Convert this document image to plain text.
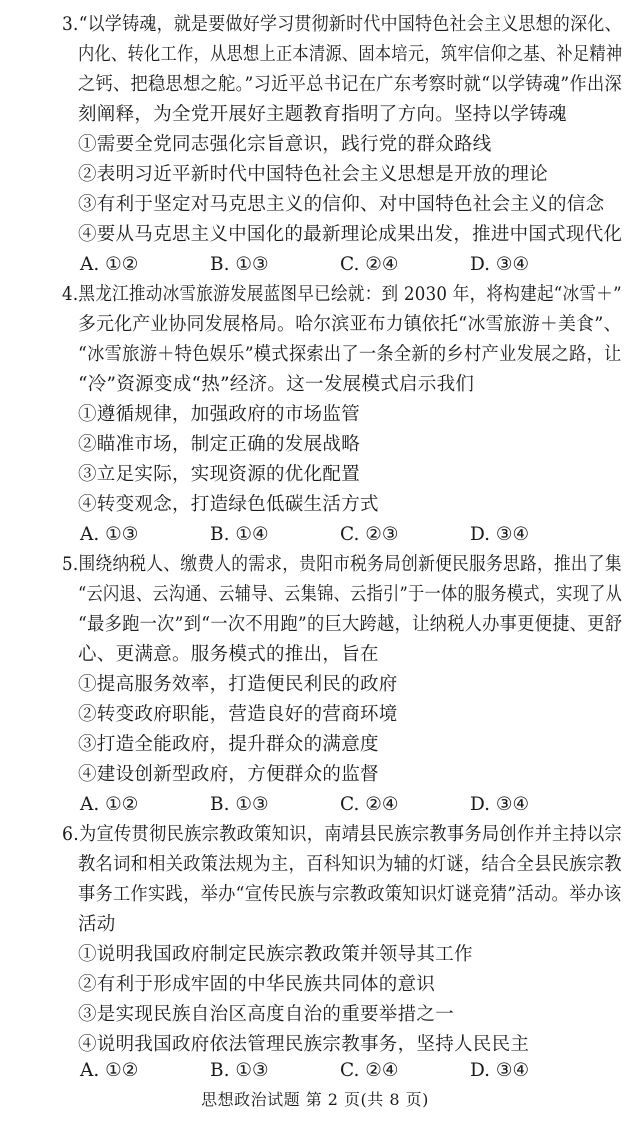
3.“以学铸魂，就是要做好学习贯彻新时代中国特色社会主义思想的深化、
内化、转化工作，从思想上正本清源、固本培元，筑牢信仰之基、补足精神
之钙、把稳思想之舵。”习近平总书记在广东考察时就“以学铸魂”作出深
刻阐释，为全党开展好主题教育指明了方向。坚持以学铸魂
①需要全党同志强化宗旨意识，践行党的群众路线
②表明习近平新时代中国特色社会主义思想是开放的理论
③有利于坚定对马克思主义的信仰、对中国特色社会主义的信念
④要从马克思主义中国化的最新理论成果出发，推进中国式现代化
A. ①②	B. ①③	C. ②④	D. ③④
4.黑龙江推动冰雪旅游发展蓝图早已绘就：到 2030 年，将构建起“冰雪＋”
多元化产业协同发展格局。哈尔滨亚布力镇依托“冰雪旅游＋美食”、
“冰雪旅游＋特色娱乐”模式探索出了一条全新的乡村产业发展之路，让
“冷”资源变成“热”经济。这一发展模式启示我们
①遵循规律，加强政府的市场监管
②瞄准市场，制定正确的发展战略
③立足实际，实现资源的优化配置
④转变观念，打造绿色低碳生活方式
A. ①③	B. ①④	C. ②③	D. ③④
5.围绕纳税人、缴费人的需求，贵阳市税务局创新便民服务思路，推出了集
“云闪退、云沟通、云辅导、云集锦、云指引”于一体的服务模式，实现了从
“最多跑一次”到“一次不用跑”的巨大跨越，让纳税人办事更便捷、更舒
心、更满意。服务模式的推出，旨在
①提高服务效率，打造便民利民的政府
②转变政府职能，营造良好的营商环境
③打造全能政府，提升群众的满意度
④建设创新型政府，方便群众的监督
A. ①②	B. ①③	C. ②④	D. ③④
6.为宣传贯彻民族宗教政策知识，南靖县民族宗教事务局创作并主持以宗
教名词和相关政策法规为主，百科知识为辅的灯谜，结合全县民族宗教
事务工作实践，举办“宣传民族与宗教政策知识灯谜竞猜”活动。举办该
活动
①说明我国政府制定民族宗教政策并领导其工作
②有利于形成牢固的中华民族共同体的意识
③是实现民族自治区高度自治的重要举措之一
④说明我国政府依法管理民族宗教事务，坚持人民民主
A. ①②	B. ①③	C. ②④	D. ③④
思想政治试题 第 2 页(共 8 页)
